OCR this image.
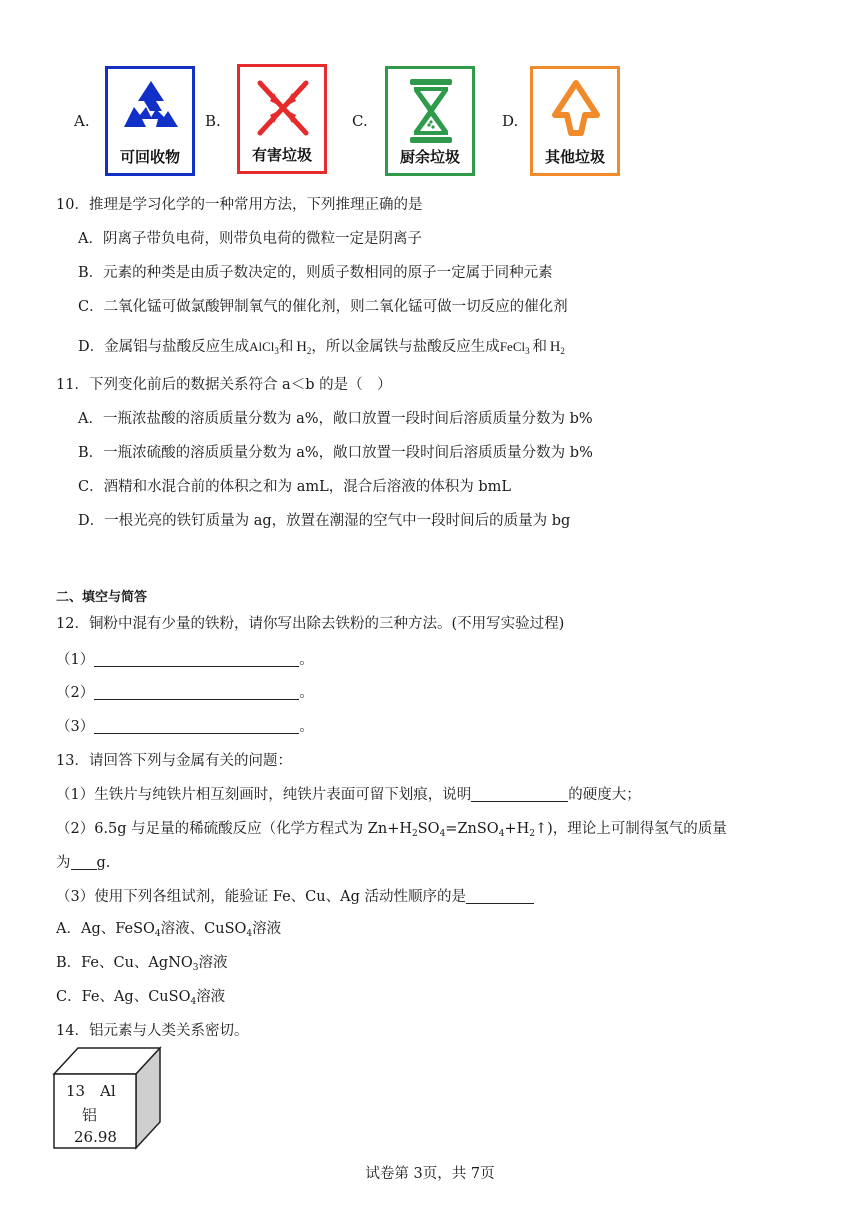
A.
可回收物
B.
有害垃圾
C.
厨余垃圾
D.
其他垃圾
10．推理是学习化学的一种常用方法，下列推理正确的是
A．阴离子带负电荷，则带负电荷的微粒一定是阴离子
B．元素的种类是由质子数决定的，则质子数相同的原子一定属于同种元素
C．二氧化锰可做氯酸钾制氧气的催化剂，则二氧化锰可做一切反应的催化剂
D．金属铝与盐酸反应生成AlCl$_3$和  $H_2$，所以金属铁与盐酸反应生成FeCl$_3$  和  $H_2$
11．下列变化前后的数据关系符合 a＜b 的是（　）
A．一瓶浓盐酸的溶质质量分数为 a%，敞口放置一段时间后溶质质量分数为 b%
B．一瓶浓硫酸的溶质质量分数为 a%，敞口放置一段时间后溶质质量分数为 b%
C．酒精和水混合前的体积之和为 amL，混合后溶液的体积为 bmL
D．一根光亮的铁钉质量为 ag，放置在潮湿的空气中一段时间后的质量为 bg
二、填空与简答
12．铜粉中混有少量的铁粉，请你写出除去铁粉的三种方法。(不用写实验过程)
（1）	。
（2）	。
（3）	。
13．请回答下列与金属有关的问题：
（1）生铁片与纯铁片相互刻画时，纯铁片表面可留下划痕，说明	的硬度大；
（2）6.5g 与足量的稀硫酸反应（化学方程式为 $Zn+H_2SO_4=ZnSO_4+H_2↑$)，理论上可制得氢气的质量
为 g.
（3）使用下列各组试剂，能验证 Fe、Cu、Ag 活动性顺序的是
A．Ag、FeSO$_4$溶液、CuSO$_4$溶液
B．Fe、Cu、AgNO$_3$溶液
C．Fe、Ag、CuSO$_4$溶液
14．铝元素与人类关系密切。
13 Al
铝
26.98
试卷第 3页，共 7页
